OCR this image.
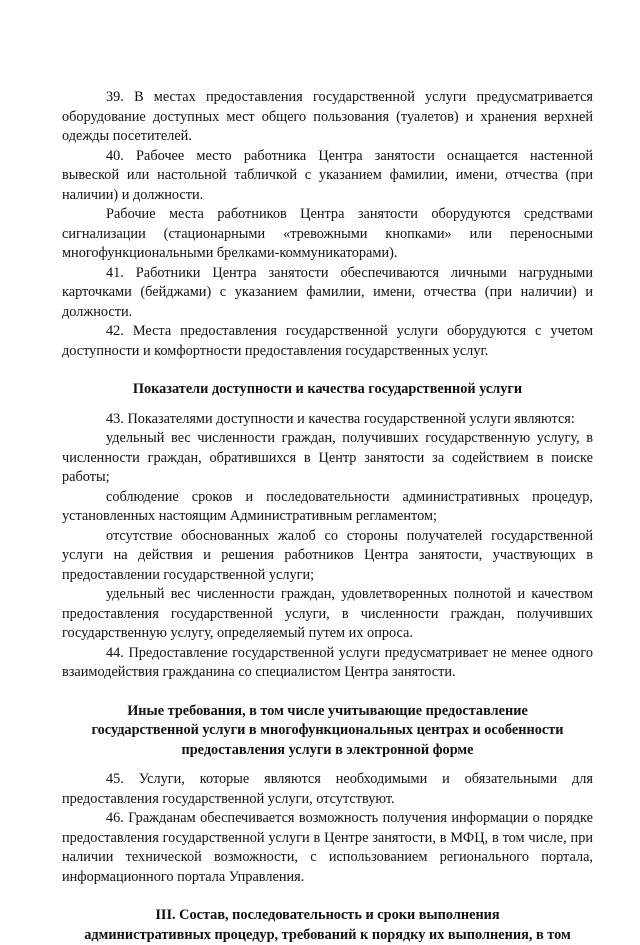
39. В местах предоставления государственной услуги предусматривается оборудование доступных мест общего пользования (туалетов) и хранения верхней одежды посетителей.

40. Рабочее место работника Центра занятости оснащается настенной вывеской или настольной табличкой с указанием фамилии, имени, отчества (при наличии) и должности.

Рабочие места работников Центра занятости оборудуются средствами сигнализации (стационарными «тревожными кнопками» или переносными многофункциональными брелками-коммуникаторами).

41. Работники Центра занятости обеспечиваются личными нагрудными карточками (бейджами) с указанием фамилии, имени, отчества (при наличии) и должности.

42. Места предоставления государственной услуги оборудуются с учетом доступности и комфортности предоставления государственных услуг.

Показатели доступности и качества государственной услуги

43. Показателями доступности и качества государственной услуги являются:

удельный вес численности граждан, получивших государственную услугу, в численности граждан, обратившихся в Центр занятости за содействием в поиске работы;

соблюдение сроков и последовательности административных процедур, установленных настоящим Административным регламентом;

отсутствие обоснованных жалоб со стороны получателей государственной услуги на действия и решения работников Центра занятости, участвующих в предоставлении государственной услуги;

удельный вес численности граждан, удовлетворенных полнотой и качеством предоставления государственной услуги, в численности граждан, получивших государственную услугу, определяемый путем их опроса.

44. Предоставление государственной услуги предусматривает не менее одного взаимодействия гражданина со специалистом Центра занятости.

Иные требования, в том числе учитывающие предоставление
государственной услуги в многофункциональных центрах и особенности
предоставления услуги в электронной форме

45. Услуги, которые являются необходимыми и обязательными для предоставления государственной услуги, отсутствуют.

46. Гражданам обеспечивается возможность получения информации о порядке предоставления государственной услуги в Центре занятости, в МФЦ, в том числе, при наличии технической возможности, с использованием регионального портала, информационного портала Управления.

III. Состав, последовательность и сроки выполнения
административных процедур, требований к порядку их выполнения, в том
